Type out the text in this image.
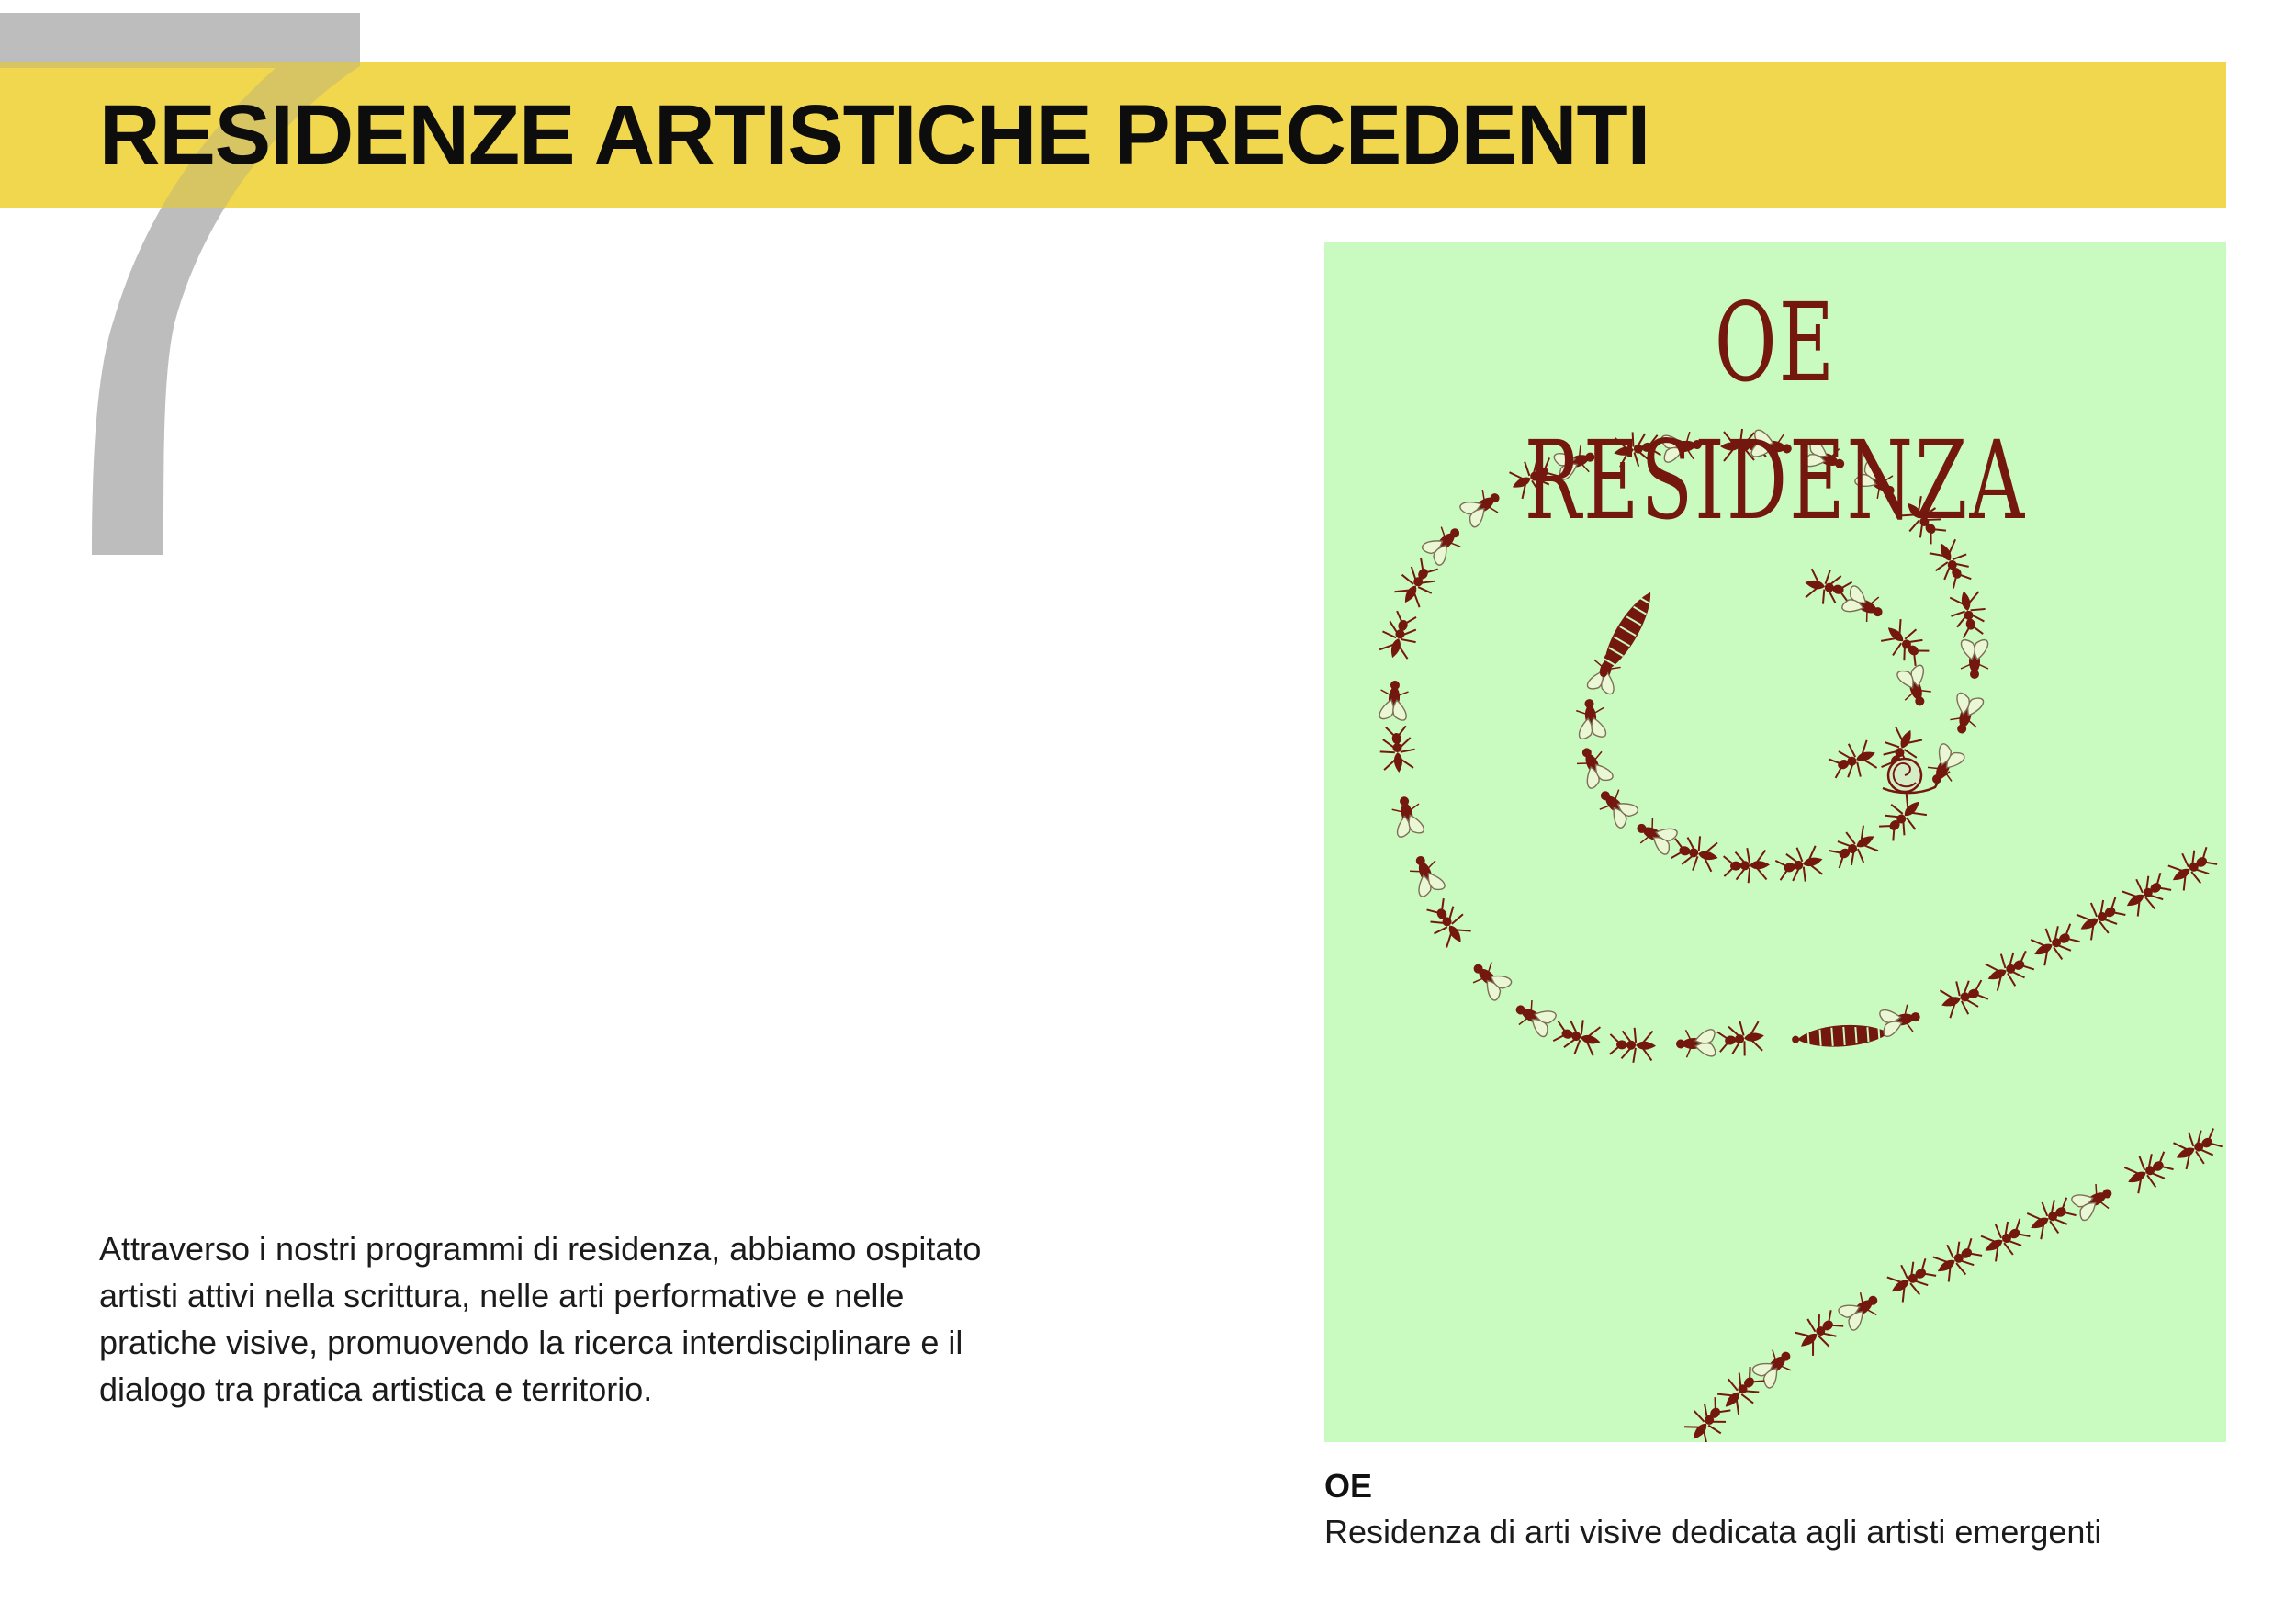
RESIDENZE ARTISTICHE PRECEDENTI

Attraverso i nostri programmi di residenza, abbiamo ospitato artisti attivi nella scrittura, nelle arti performative e nelle pratiche visive, promuovendo la ricerca interdisciplinare e il dialogo tra pratica artistica e territorio.

OE RESIDENZA
OE

Residenza di arti visive dedicata agli artisti emergenti
